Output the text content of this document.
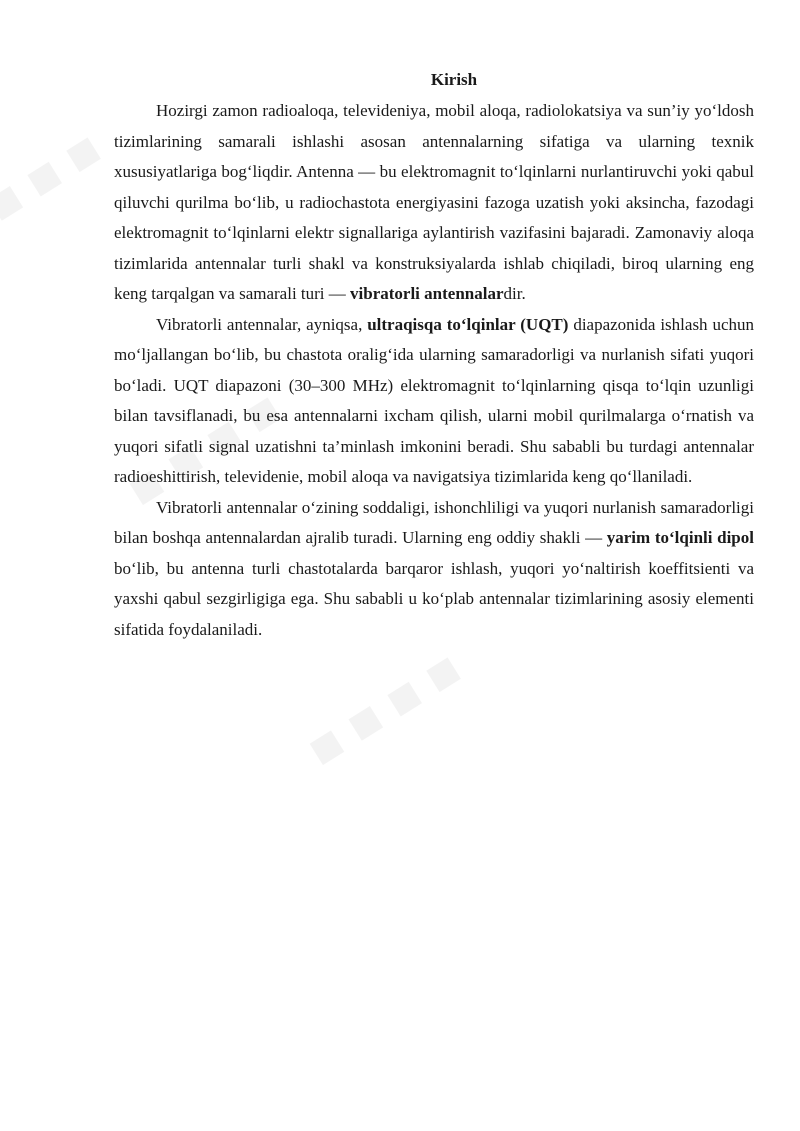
Kirish

Hozirgi zamon radioaloqa, televideniya, mobil aloqa, radiolokatsiya va sun’iy yo‘ldosh tizimlarining samarali ishlashi asosan antennalarning sifatiga va ularning texnik xususiyatlariga bog‘liqdir. Antenna — bu elektromagnit to‘lqinlarni nurlantiruvchi yoki qabul qiluvchi qurilma bo‘lib, u radiochastota energiyasini fazoga uzatish yoki aksincha, fazodagi elektromagnit to‘lqinlarni elektr signallariga aylantirish vazifasini bajaradi. Zamonaviy aloqa tizimlarida antennalar turli shakl va konstruksiyalarda ishlab chiqiladi, biroq ularning eng keng tarqalgan va samarali turi — vibratorli antennalardir.

Vibratorli antennalar, ayniqsa, ultraqisqa to‘lqinlar (UQT) diapazonida ishlash uchun mo‘ljallangan bo‘lib, bu chastota oralig‘ida ularning samaradorligi va nurlanish sifati yuqori bo‘ladi. UQT diapazoni (30–300 MHz) elektromagnit to‘lqinlarning qisqa to‘lqin uzunligi bilan tavsiflanadi, bu esa antennalarni ixcham qilish, ularni mobil qurilmalarga o‘rnatish va yuqori sifatli signal uzatishni ta’minlash imkonini beradi. Shu sababli bu turdagi antennalar radioeshittirish, televidenie, mobil aloqa va navigatsiya tizimlarida keng qo‘llaniladi.

Vibratorli antennalar o‘zining soddaligi, ishonchliligi va yuqori nurlanish samaradorligi bilan boshqa antennalardan ajralib turadi. Ularning eng oddiy shakli — yarim to‘lqinli dipol bo‘lib, bu antenna turli chastotalarda barqaror ishlash, yuqori yo‘naltirish koeffitsienti va yaxshi qabul sezgirligiga ega. Shu sababli u ko‘plab antennalar tizimlarining asosiy elementi sifatida foydalaniladi.
